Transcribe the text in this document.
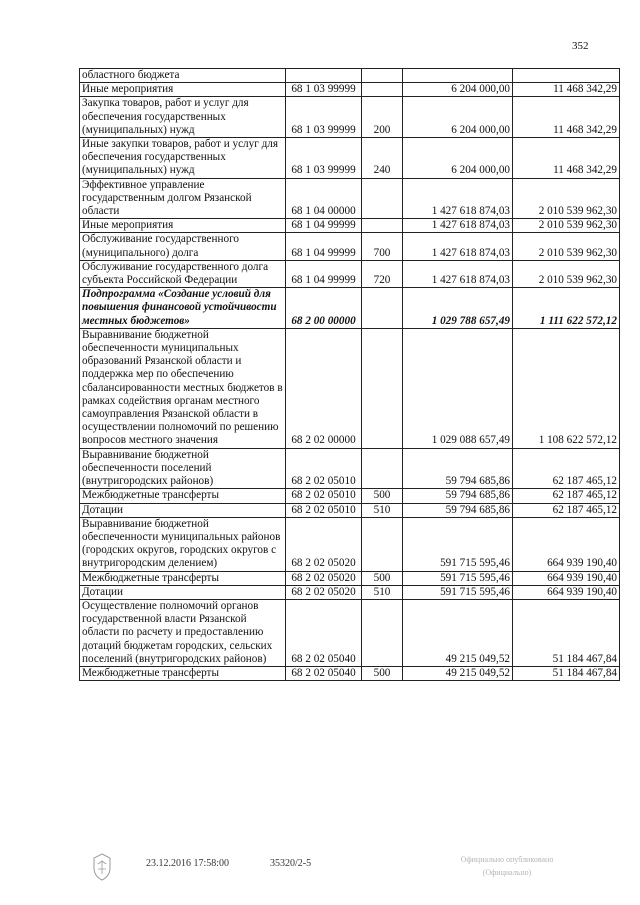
352
областного бюджета				
Иные мероприятия	68 1 03 99999		6 204 000,00	11 468 342,29
Закупка товаров, работ и услуг для обеспечения государственных (муниципальных) нужд	68 1 03 99999	200	6 204 000,00	11 468 342,29
Иные закупки товаров, работ и услуг для обеспечения государственных (муниципальных) нужд	68 1 03 99999	240	6 204 000,00	11 468 342,29
Эффективное управление государственным долгом Рязанской области	68 1 04 00000		1 427 618 874,03	2 010 539 962,30
Иные мероприятия	68 1 04 99999		1 427 618 874,03	2 010 539 962,30
Обслуживание государственного (муниципального) долга	68 1 04 99999	700	1 427 618 874,03	2 010 539 962,30
Обслуживание государственного долга субъекта Российской Федерации	68 1 04 99999	720	1 427 618 874,03	2 010 539 962,30
Подпрограмма «Создание условий для повышения финансовой устойчивости местных бюджетов»	68 2 00 00000		1 029 788 657,49	1 111 622 572,12
Выравнивание бюджетной обеспеченности муниципальных образований Рязанской области и поддержка мер по обеспечению сбалансированности местных бюджетов в рамках содействия органам местного самоуправления Рязанской области в осуществлении полномочий по решению вопросов местного значения	68 2 02 00000		1 029 088 657,49	1 108 622 572,12
Выравнивание бюджетной обеспеченности поселений (внутригородских районов)	68 2 02 05010		59 794 685,86	62 187 465,12
Межбюджетные трансферты	68 2 02 05010	500	59 794 685,86	62 187 465,12
Дотации	68 2 02 05010	510	59 794 685,86	62 187 465,12
Выравнивание бюджетной обеспеченности муниципальных районов (городских округов, городских округов с внутригородским делением)	68 2 02 05020		591 715 595,46	664 939 190,40
Межбюджетные трансферты	68 2 02 05020	500	591 715 595,46	664 939 190,40
Дотации	68 2 02 05020	510	591 715 595,46	664 939 190,40
Осуществление полномочий органов государственной власти Рязанской области по расчету и предоставлению дотаций бюджетам городских, сельских поселений (внутригородских районов)	68 2 02 05040		49 215 049,52	51 184 467,84
Межбюджетные трансферты	68 2 02 05040	500	49 215 049,52	51 184 467,84
23.12.2016 17:58:00	35320/2-5	Официально опубликовано (Официально)
